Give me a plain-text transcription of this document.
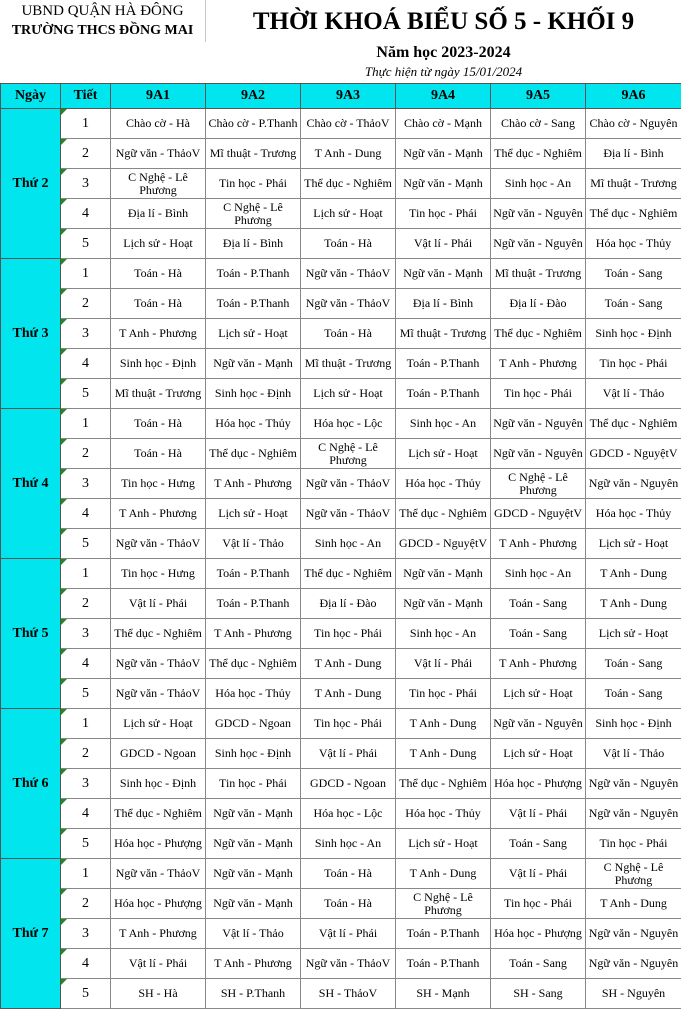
UBND QUẬN HÀ ĐÔNG
TRƯỜNG THCS ĐỒNG MAI	THỜI KHOÁ BIỂU SỐ 5 - KHỐI 9
Năm học 2023-2024
Thực hiện từ ngày 15/01/2024
Ngày	Tiết	9A1	9A2	9A3	9A4	9A5	9A6
Thứ 2	1	Chào cờ - Hà	Chào cờ - P.Thanh	Chào cờ - ThảoV	Chào cờ - Mạnh	Chào cờ - Sang	Chào cờ - Nguyên

2	Ngữ văn - ThảoV	Mĩ thuật - Trương	T Anh - Dung	Ngữ văn - Mạnh	Thể dục - Nghiêm	Địa lí - Bình

3	C Nghệ - Lê Phương	Tin học - Phái	Thể dục - Nghiêm	Ngữ văn - Mạnh	Sinh học - An	Mĩ thuật - Trương

4	Địa lí - Bình	C Nghệ - Lê Phương	Lịch sử - Hoạt	Tin học - Phái	Ngữ văn - Nguyên	Thể dục - Nghiêm

5	Lịch sử - Hoạt	Địa lí - Bình	Toán - Hà	Vật lí - Phái	Ngữ văn - Nguyên	Hóa học - Thủy
Thứ 3	1	Toán - Hà	Toán - P.Thanh	Ngữ văn - ThảoV	Ngữ văn - Mạnh	Mĩ thuật - Trương	Toán - Sang

2	Toán - Hà	Toán - P.Thanh	Ngữ văn - ThảoV	Địa lí - Bình	Địa lí - Đào	Toán - Sang

3	T Anh - Phương	Lịch sử - Hoạt	Toán - Hà	Mĩ thuật - Trương	Thể dục - Nghiêm	Sinh học - Định

4	Sinh học - Định	Ngữ văn - Mạnh	Mĩ thuật - Trương	Toán - P.Thanh	T Anh - Phương	Tin học - Phái

5	Mĩ thuật - Trương	Sinh học - Định	Lịch sử - Hoạt	Toán - P.Thanh	Tin học - Phái	Vật lí - Thảo
Thứ 4	1	Toán - Hà	Hóa học - Thủy	Hóa học - Lộc	Sinh học - An	Ngữ văn - Nguyên	Thể dục - Nghiêm

2	Toán - Hà	Thể dục - Nghiêm	C Nghệ - Lê Phương	Lịch sử - Hoạt	Ngữ văn - Nguyên	GDCD - NguyệtV

3	Tin học - Hưng	T Anh - Phương	Ngữ văn - ThảoV	Hóa học - Thủy	C Nghệ - Lê Phương	Ngữ văn - Nguyên

4	T Anh - Phương	Lịch sử - Hoạt	Ngữ văn - ThảoV	Thể dục - Nghiêm	GDCD - NguyệtV	Hóa học - Thủy

5	Ngữ văn - ThảoV	Vật lí - Thảo	Sinh học - An	GDCD - NguyệtV	T Anh - Phương	Lịch sử - Hoạt
Thứ 5	1	Tin học - Hưng	Toán - P.Thanh	Thể dục - Nghiêm	Ngữ văn - Mạnh	Sinh học - An	T Anh - Dung

2	Vật lí - Phái	Toán - P.Thanh	Địa lí - Đào	Ngữ văn - Mạnh	Toán - Sang	T Anh - Dung

3	Thể dục - Nghiêm	T Anh - Phương	Tin học - Phái	Sinh học - An	Toán - Sang	Lịch sử - Hoạt

4	Ngữ văn - ThảoV	Thể dục - Nghiêm	T Anh - Dung	Vật lí - Phái	T Anh - Phương	Toán - Sang

5	Ngữ văn - ThảoV	Hóa học - Thủy	T Anh - Dung	Tin học - Phái	Lịch sử - Hoạt	Toán - Sang
Thứ 6	1	Lịch sử - Hoạt	GDCD - Ngoan	Tin học - Phái	T Anh - Dung	Ngữ văn - Nguyên	Sinh học - Định

2	GDCD - Ngoan	Sinh học - Định	Vật lí - Phái	T Anh - Dung	Lịch sử - Hoạt	Vật lí - Thảo

3	Sinh học - Định	Tin học - Phái	GDCD - Ngoan	Thể dục - Nghiêm	Hóa học - Phượng	Ngữ văn - Nguyên

4	Thể dục - Nghiêm	Ngữ văn - Mạnh	Hóa học - Lộc	Hóa học - Thủy	Vật lí - Phái	Ngữ văn - Nguyên

5	Hóa học - Phượng	Ngữ văn - Mạnh	Sinh học - An	Lịch sử - Hoạt	Toán - Sang	Tin học - Phái
Thứ 7	1	Ngữ văn - ThảoV	Ngữ văn - Mạnh	Toán - Hà	T Anh - Dung	Vật lí - Phái	C Nghệ - Lê Phương

2	Hóa học - Phượng	Ngữ văn - Mạnh	Toán - Hà	C Nghệ - Lê Phương	Tin học - Phái	T Anh - Dung

3	T Anh - Phương	Vật lí - Thảo	Vật lí - Phái	Toán - P.Thanh	Hóa học - Phượng	Ngữ văn - Nguyên

4	Vật lí - Phái	T Anh - Phương	Ngữ văn - ThảoV	Toán - P.Thanh	Toán - Sang	Ngữ văn - Nguyên

5	SH - Hà	SH - P.Thanh	SH - ThảoV	SH - Mạnh	SH - Sang	SH - Nguyên
